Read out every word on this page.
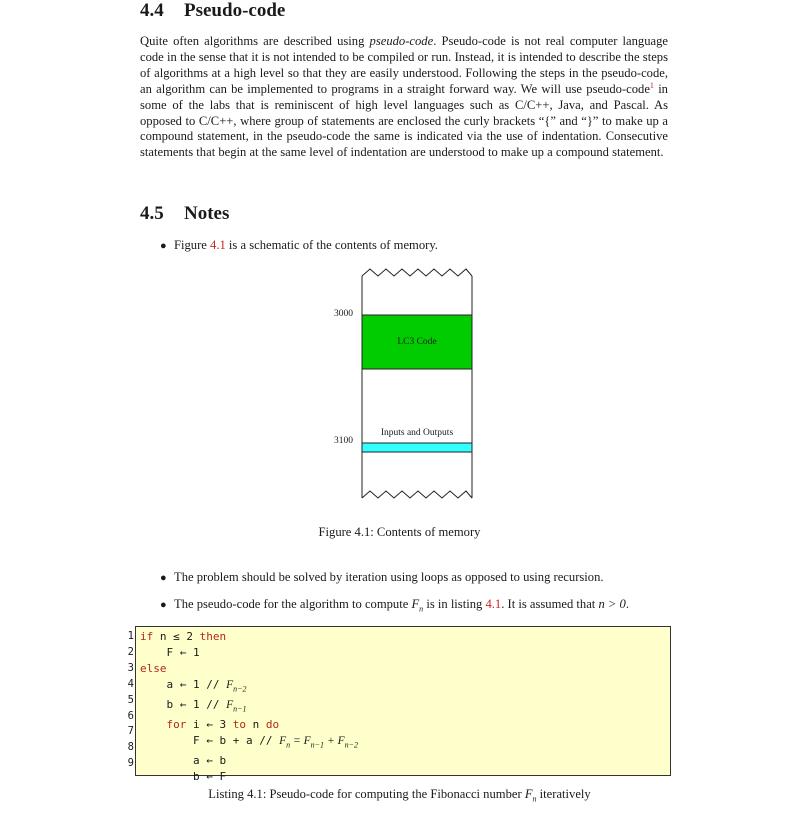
4.4 Pseudo-code
Quite often algorithms are described using pseudo-code. Pseudo-code is not real computer language code in the sense that it is not intended to be compiled or run. Instead, it is intended to describe the steps of algorithms at a high level so that they are easily understood. Following the steps in the pseudo-code, an algorithm can be implemented to programs in a straight forward way. We will use pseudo-code$^1$ in some of the labs that is reminiscent of high level languages such as C/C++, Java, and Pascal. As opposed to C/C++, where group of statements are enclosed the curly brackets “{” and “}” to make up a compound statement, in the pseudo-code the same is indicated via the use of indentation. Consecutive statements that begin at the same level of indentation are understood to make up a compound statement.
4.5 Notes
● Figure 4.1 is a schematic of the contents of memory.
3000
3100
LC3 Code
Inputs and Outputs
Figure 4.1: Contents of memory
● The problem should be solved by iteration using loops as opposed to using recursion.
● The pseudo-code for the algorithm to compute $F_n$ is in listing 4.1. It is assumed that n > 0.
1
2
3
4
5
6
7
8
9
if n ≤ 2 then
F ← 1
else
a ← $1 // F_{n-2}$
b ← $1 // F_{n-1}$
for i ← 3 to n do
F ← $b + a // F_n = F_{n-1} + F_{n-2}$
a ← b
b ← F
Listing 4.1: Pseudo-code for computing the Fibonacci number $F_n$ iteratively
